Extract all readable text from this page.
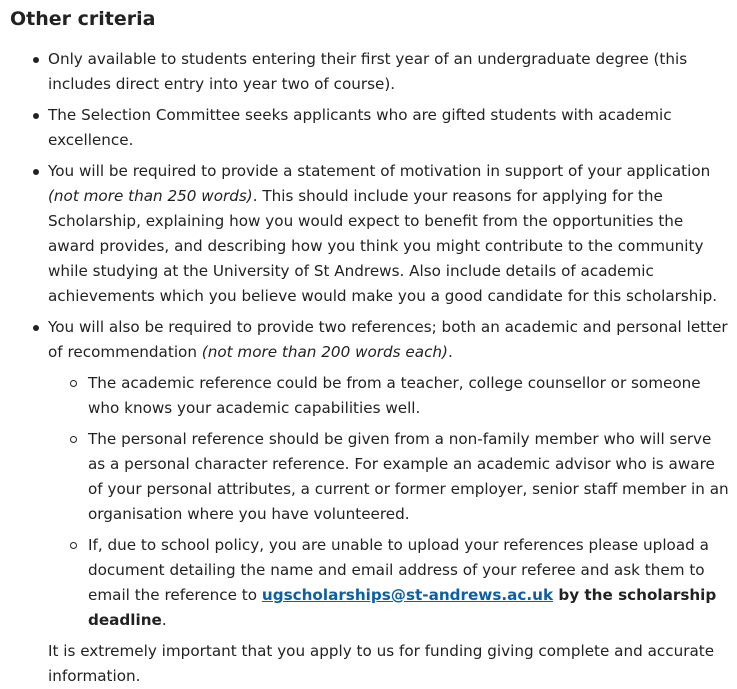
Other criteria
Only available to students entering their first year of an undergraduate degree (this includes direct entry into year two of course).
The Selection Committee seeks applicants who are gifted students with academic excellence.
You will be required to provide a statement of motivation in support of your application (not more than 250 words). This should include your reasons for applying for the Scholarship, explaining how you would expect to benefit from the opportunities the award provides, and describing how you think you might contribute to the community while studying at the University of St Andrews. Also include details of academic achievements which you believe would make you a good candidate for this scholarship.
You will also be required to provide two references; both an academic and personal letter of recommendation (not more than 200 words each).
The academic reference could be from a teacher, college counsellor or someone who knows your academic capabilities well.
The personal reference should be given from a non-family member who will serve as a personal character reference. For example an academic advisor who is aware of your personal attributes, a current or former employer, senior staff member in an organisation where you have volunteered.
If, due to school policy, you are unable to upload your references please upload a document detailing the name and email address of your referee and ask them to email the reference to ugscholarships@st-andrews.ac.uk by the scholarship deadline.

It is extremely important that you apply to us for funding giving complete and accurate information.
